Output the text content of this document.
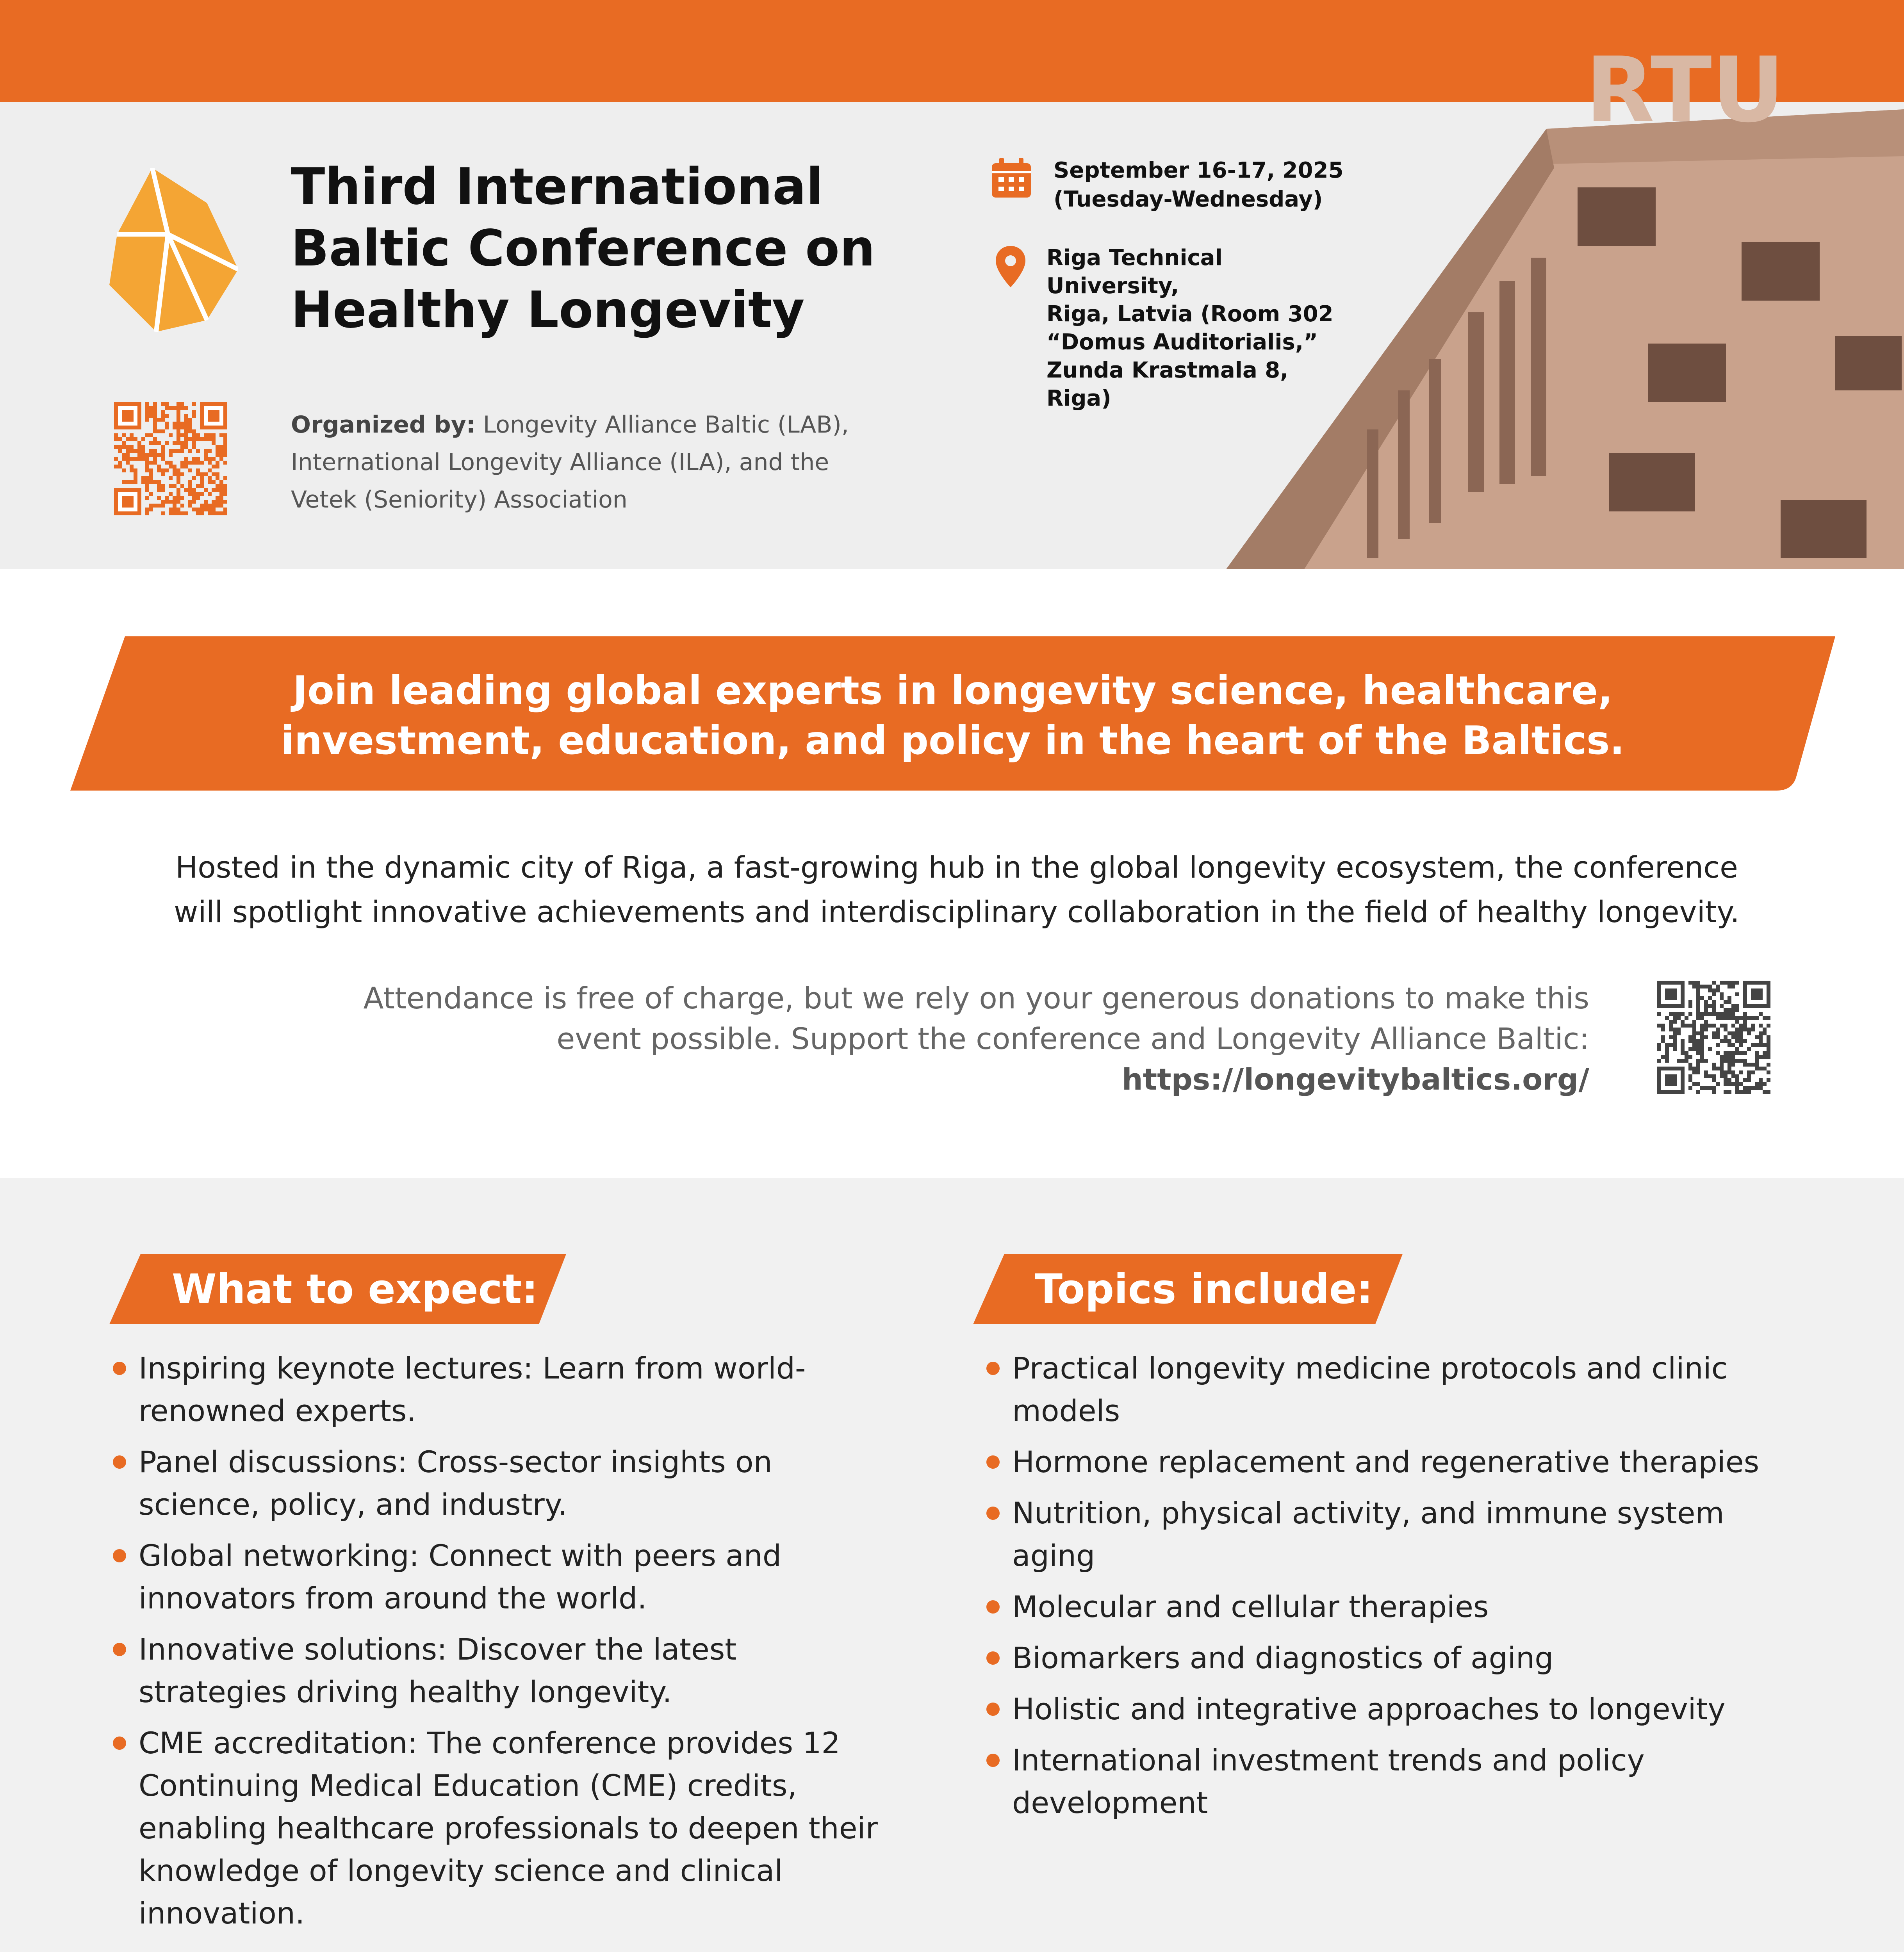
RTU
Third International
Baltic Conference on
Healthy Longevity
Organized by: Longevity Alliance Baltic (LAB), International Longevity Alliance (ILA), and the Vetek (Seniority) Association
September 16-17, 2025
(Tuesday-Wednesday)
Riga Technical University,
Riga, Latvia (Room 302
“Domus Auditorialis,”
Zunda Krastmala 8, Riga)
Join leading global experts in longevity science, healthcare,
investment, education, and policy in the heart of the Baltics.
Hosted in the dynamic city of Riga, a fast-growing hub in the global longevity ecosystem, the conference
will spotlight innovative achievements and interdisciplinary collaboration in the field of healthy longevity.
Attendance is free of charge, but we rely on your generous donations to make this
event possible. Support the conference and Longevity Alliance Baltic:
https://longevitybaltics.org/
What to expect:	Topics include:
Inspiring keynote lectures: Learn from world-renowned experts.
Panel discussions: Cross-sector insights on science, policy, and industry.
Global networking: Connect with peers and innovators from around the world.
Innovative solutions: Discover the latest strategies driving healthy longevity.
CME accreditation: The conference provides 12 Continuing Medical Education (CME) credits, enabling healthcare professionals to deepen their knowledge of longevity science and clinical innovation.
Practical longevity medicine protocols and clinic models
Hormone replacement and regenerative therapies
Nutrition, physical activity, and immune system aging
Molecular and cellular therapies
Biomarkers and diagnostics of aging
Holistic and integrative approaches to longevity
International investment trends and policy development
